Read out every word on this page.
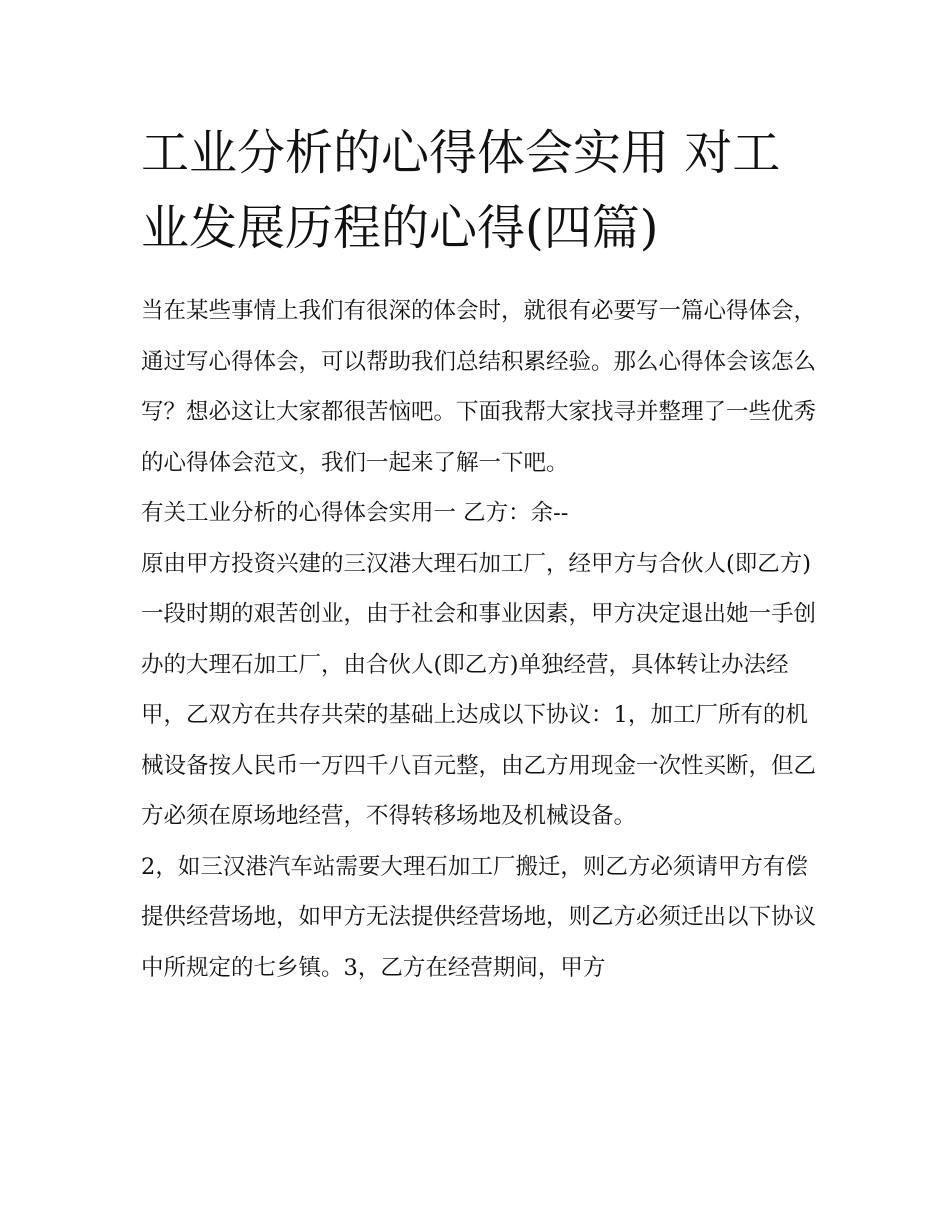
工业分析的心得体会实用 对工业发展历程的心得(四篇)

当在某些事情上我们有很深的体会时，就很有必要写一篇心得体会，通过写心得体会，可以帮助我们总结积累经验。那么心得体会该怎么写？想必这让大家都很苦恼吧。下面我帮大家找寻并整理了一些优秀的心得体会范文，我们一起来了解一下吧。

有关工业分析的心得体会实用一 乙方：余--

原由甲方投资兴建的三汉港大理石加工厂，经甲方与合伙人(即乙方)一段时期的艰苦创业，由于社会和事业因素，甲方决定退出她一手创办的大理石加工厂，由合伙人(即乙方)单独经营，具体转让办法经甲，乙双方在共存共荣的基础上达成以下协议：1，加工厂所有的机械设备按人民币一万四千八百元整，由乙方用现金一次性买断，但乙方必须在原场地经营，不得转移场地及机械设备。

2，如三汉港汽车站需要大理石加工厂搬迁，则乙方必须请甲方有偿提供经营场地，如甲方无法提供经营场地，则乙方必须迁出以下协议中所规定的七乡镇。3，乙方在经营期间，甲方
